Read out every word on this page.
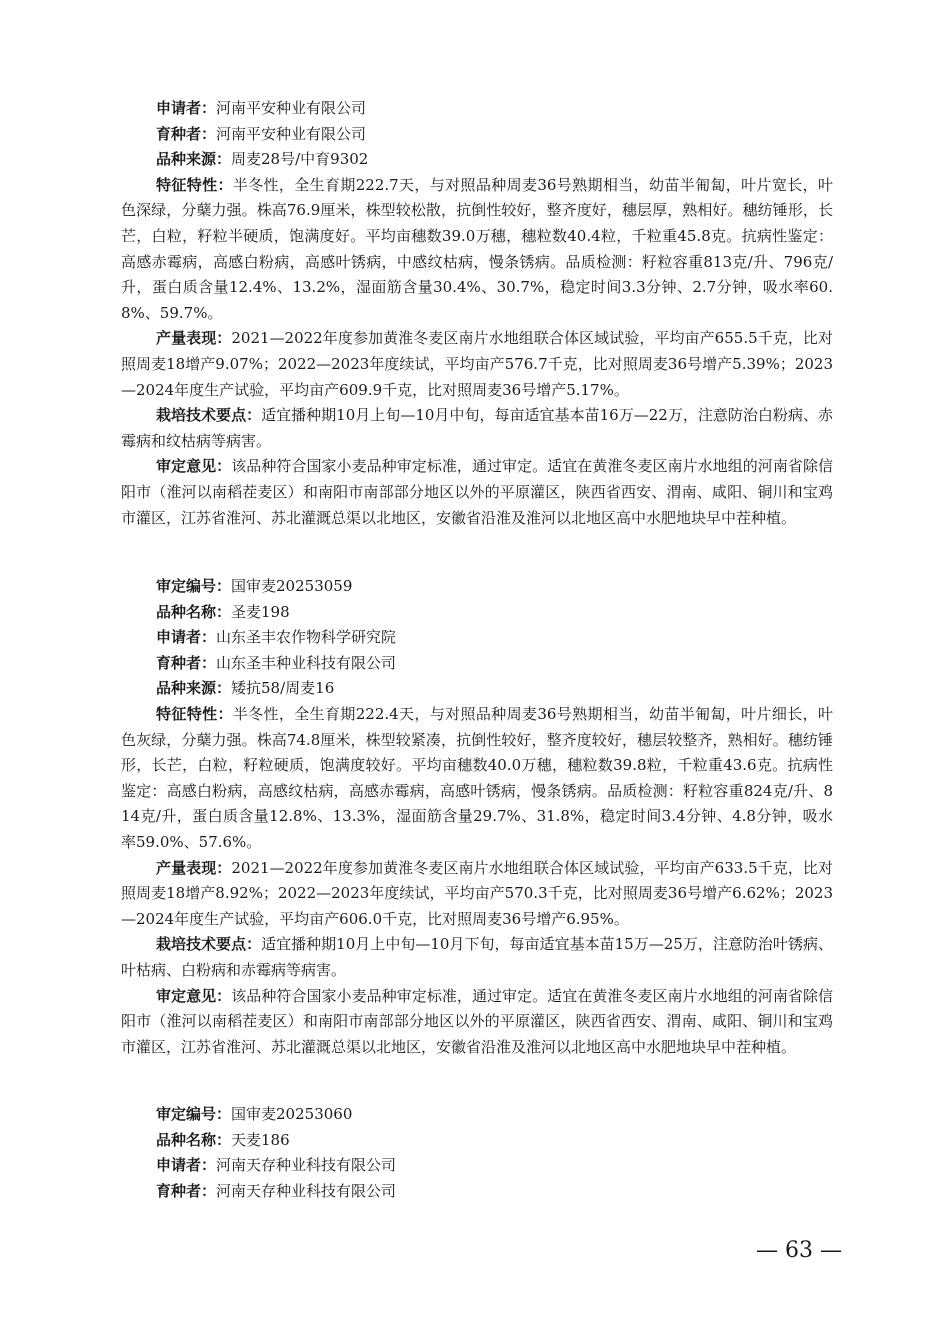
申请者：河南平安种业有限公司

育种者：河南平安种业有限公司

品种来源：周麦28号/中育9302

特征特性：半冬性，全生育期222.7天，与对照品种周麦36号熟期相当，幼苗半匍匐，叶片宽长，叶色深绿，分蘖力强。株高76.9厘米，株型较松散，抗倒性较好，整齐度好，穗层厚，熟相好。穗纺锤形，长芒，白粒，籽粒半硬质，饱满度好。平均亩穗数39.0万穗，穗粒数40.4粒，千粒重45.8克。抗病性鉴定：高感赤霉病，高感白粉病，高感叶锈病，中感纹枯病，慢条锈病。品质检测：籽粒容重813克/升、796克/升，蛋白质含量12.4%、13.2%，湿面筋含量30.4%、30.7%，稳定时间3.3分钟、2.7分钟，吸水率60.8%、59.7%。

产量表现：2021—2022年度参加黄淮冬麦区南片水地组联合体区域试验，平均亩产655.5千克，比对照周麦18增产9.07%；2022—2023年度续试，平均亩产576.7千克，比对照周麦36号增产5.39%；2023—2024年度生产试验，平均亩产609.9千克，比对照周麦36号增产5.17%。

栽培技术要点：适宜播种期10月上旬—10月中旬，每亩适宜基本苗16万—22万，注意防治白粉病、赤霉病和纹枯病等病害。

审定意见：该品种符合国家小麦品种审定标准，通过审定。适宜在黄淮冬麦区南片水地组的河南省除信阳市（淮河以南稻茬麦区）和南阳市南部部分地区以外的平原灌区，陕西省西安、渭南、咸阳、铜川和宝鸡市灌区，江苏省淮河、苏北灌溉总渠以北地区，安徽省沿淮及淮河以北地区高中水肥地块早中茬种植。

审定编号：国审麦20253059

品种名称：圣麦198

申请者：山东圣丰农作物科学研究院

育种者：山东圣丰种业科技有限公司

品种来源：矮抗58/周麦16

特征特性：半冬性，全生育期222.4天，与对照品种周麦36号熟期相当，幼苗半匍匐，叶片细长，叶色灰绿，分蘖力强。株高74.8厘米，株型较紧凑，抗倒性较好，整齐度较好，穗层较整齐，熟相好。穗纺锤形，长芒，白粒，籽粒硬质，饱满度较好。平均亩穗数40.0万穗，穗粒数39.8粒，千粒重43.6克。抗病性鉴定：高感白粉病，高感纹枯病，高感赤霉病，高感叶锈病，慢条锈病。品质检测：籽粒容重824克/升、814克/升，蛋白质含量12.8%、13.3%，湿面筋含量29.7%、31.8%，稳定时间3.4分钟、4.8分钟，吸水率59.0%、57.6%。

产量表现：2021—2022年度参加黄淮冬麦区南片水地组联合体区域试验，平均亩产633.5千克，比对照周麦18增产8.92%；2022—2023年度续试，平均亩产570.3千克，比对照周麦36号增产6.62%；2023—2024年度生产试验，平均亩产606.0千克，比对照周麦36号增产6.95%。

栽培技术要点：适宜播种期10月上中旬—10月下旬，每亩适宜基本苗15万—25万，注意防治叶锈病、叶枯病、白粉病和赤霉病等病害。

审定意见：该品种符合国家小麦品种审定标准，通过审定。适宜在黄淮冬麦区南片水地组的河南省除信阳市（淮河以南稻茬麦区）和南阳市南部部分地区以外的平原灌区，陕西省西安、渭南、咸阳、铜川和宝鸡市灌区，江苏省淮河、苏北灌溉总渠以北地区，安徽省沿淮及淮河以北地区高中水肥地块早中茬种植。

审定编号：国审麦20253060

品种名称：天麦186

申请者：河南天存种业科技有限公司

育种者：河南天存种业科技有限公司

— 63 —
